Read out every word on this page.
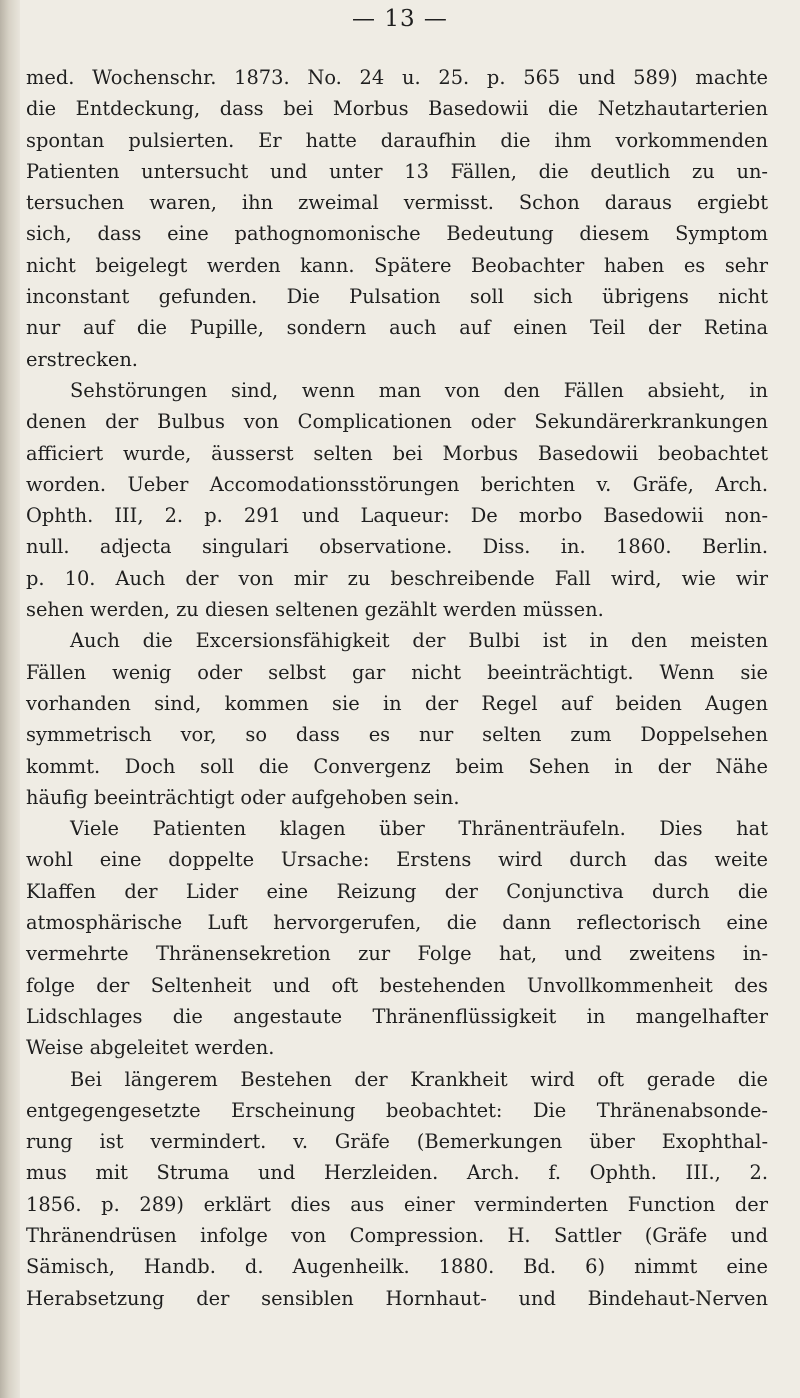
— 13 —

med. Wochenschr. 1873. No. 24 u. 25. p. 565 und 589) machte
die Entdeckung, dass bei Morbus Basedowii die Netzhautarterien
spontan pulsierten. Er hatte daraufhin die ihm vorkommenden
Patienten untersucht und unter 13 Fällen, die deutlich zu un-
tersuchen waren, ihn zweimal vermisst. Schon daraus ergiebt
sich, dass eine pathognomonische Bedeutung diesem Symptom
nicht beigelegt werden kann. Spätere Beobachter haben es sehr
inconstant gefunden. Die Pulsation soll sich übrigens nicht
nur auf die Pupille, sondern auch auf einen Teil der Retina
erstrecken.
Sehstörungen sind, wenn man von den Fällen absieht, in
denen der Bulbus von Complicationen oder Sekundärerkrankungen
afficiert wurde, äusserst selten bei Morbus Basedowii beobachtet
worden. Ueber Accomodationsstörungen berichten v. Gräfe, Arch.
Ophth. III, 2. p. 291 und Laqueur: De morbo Basedowii non-
null. adjecta singulari observatione. Diss. in. 1860. Berlin.
p. 10. Auch der von mir zu beschreibende Fall wird, wie wir
sehen werden, zu diesen seltenen gezählt werden müssen.
Auch die Excersionsfähigkeit der Bulbi ist in den meisten
Fällen wenig oder selbst gar nicht beeinträchtigt. Wenn sie
vorhanden sind, kommen sie in der Regel auf beiden Augen
symmetrisch vor, so dass es nur selten zum Doppelsehen
kommt. Doch soll die Convergenz beim Sehen in der Nähe
häufig beeinträchtigt oder aufgehoben sein.
Viele Patienten klagen über Thränenträufeln. Dies hat
wohl eine doppelte Ursache: Erstens wird durch das weite
Klaffen der Lider eine Reizung der Conjunctiva durch die
atmosphärische Luft hervorgerufen, die dann reflectorisch eine
vermehrte Thränensekretion zur Folge hat, und zweitens in-
folge der Seltenheit und oft bestehenden Unvollkommenheit des
Lidschlages die angestaute Thränenflüssigkeit in mangelhafter
Weise abgeleitet werden.
Bei längerem Bestehen der Krankheit wird oft gerade die
entgegengesetzte Erscheinung beobachtet: Die Thränenabsonde-
rung ist vermindert. v. Gräfe (Bemerkungen über Exophthal-
mus mit Struma und Herzleiden. Arch. f. Ophth. III., 2.
1856. p. 289) erklärt dies aus einer verminderten Function der
Thränendrüsen infolge von Compression. H. Sattler (Gräfe und
Sämisch, Handb. d. Augenheilk. 1880. Bd. 6) nimmt eine
Herabsetzung der sensiblen Hornhaut- und Bindehaut-Nerven
